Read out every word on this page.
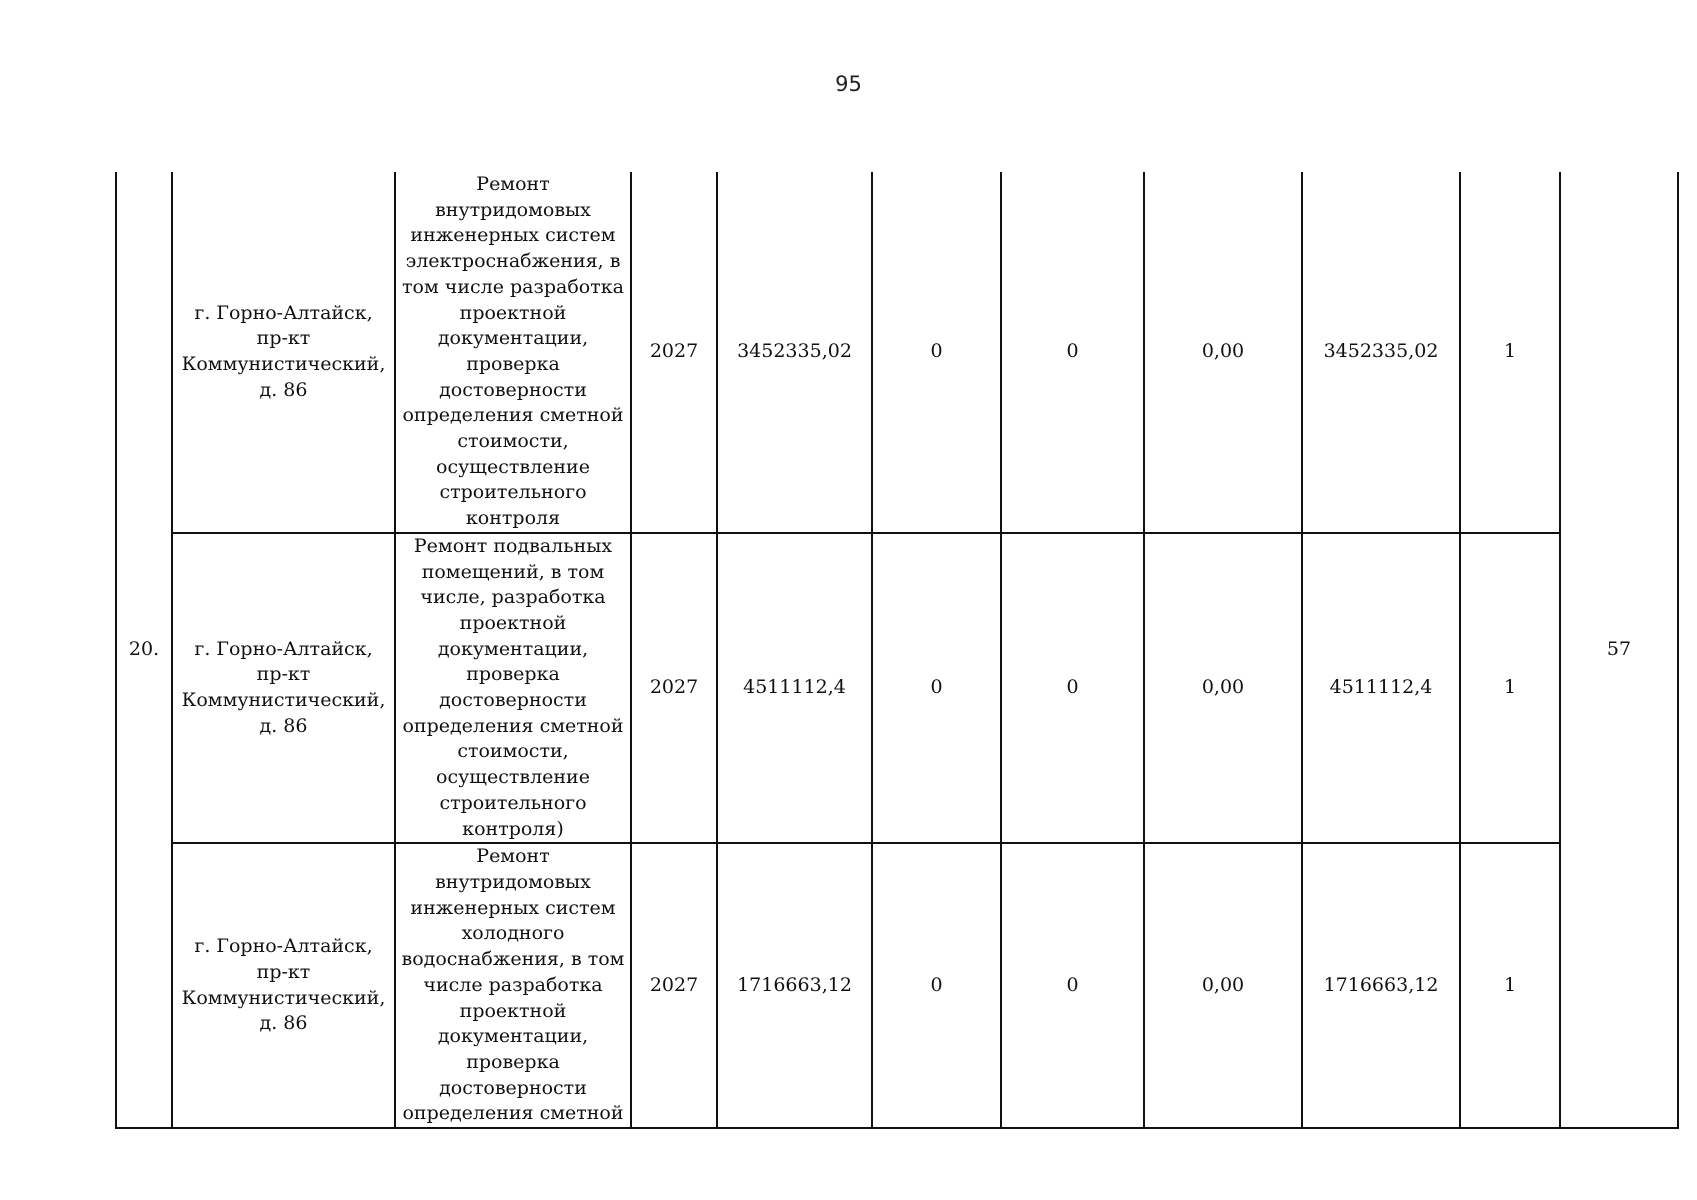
95
20.	г. Горно-Алтайск, пр-кт Коммунистический, д. 86	Ремонт внутридомовых инженерных систем электроснабжения, в том числе разработка проектной документации, проверка достоверности определения сметной стоимости, осуществление строительного контроля	2027	3452335,02	0	0	0,00	3452335,02	1	57
	г. Горно-Алтайск, пр-кт Коммунистический, д. 86	Ремонт подвальных помещений, в том числе, разработка проектной документации, проверка достоверности определения сметной стоимости, осуществление строительного контроля)	2027	4511112,4	0	0	0,00	4511112,4	1	
	г. Горно-Алтайск, пр-кт Коммунистический, д. 86	Ремонт внутридомовых инженерных систем холодного водоснабжения, в том числе разработка проектной документации, проверка достоверности определения сметной	2027	1716663,12	0	0	0,00	1716663,12	1	
